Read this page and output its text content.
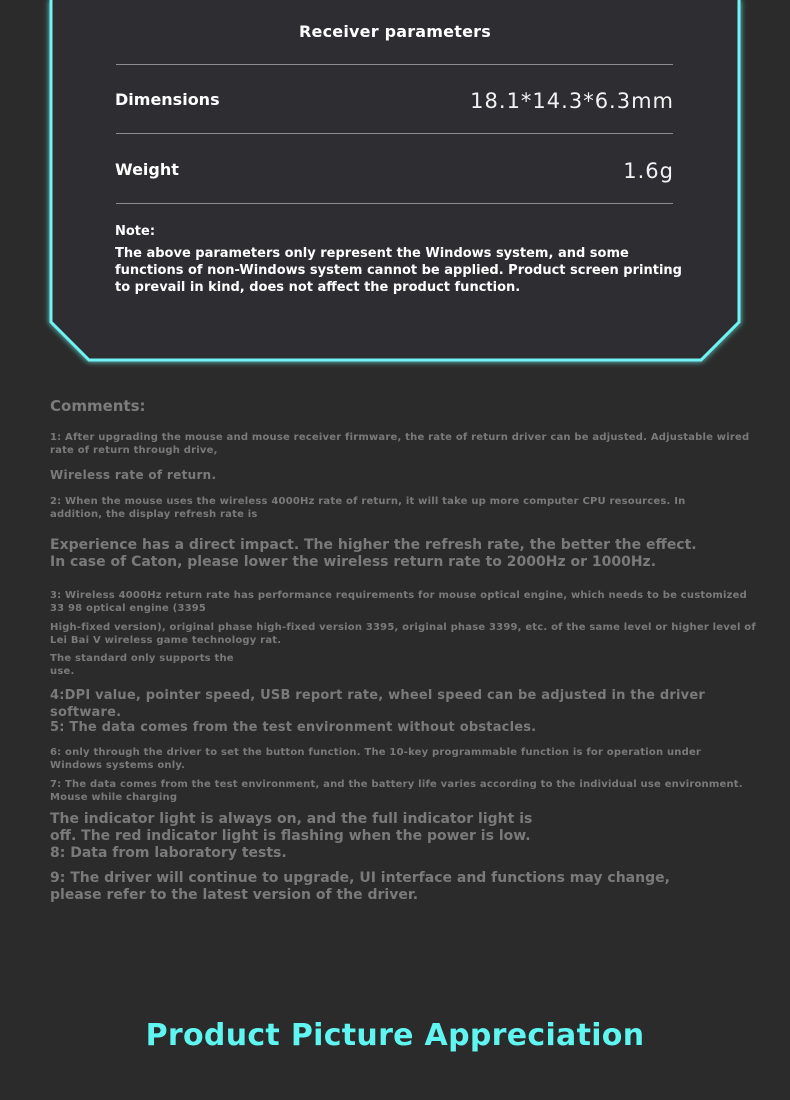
Receiver parameters
Dimensions	18.1*14.3*6.3mm
Weight	1.6g
Note:
The above parameters only represent the Windows system, and some functions of non-Windows system cannot be applied. Product screen printing to prevail in kind, does not affect the product function.
Comments:
1: After upgrading the mouse and mouse receiver firmware, the rate of return driver can be adjusted. Adjustable wired rate of return through drive,
Wireless rate of return.
2: When the mouse uses the wireless 4000Hz rate of return, it will take up more computer CPU resources. In addition, the display refresh rate is
Experience has a direct impact. The higher the refresh rate, the better the effect. In case of Caton, please lower the wireless return rate to 2000Hz or 1000Hz.
3: Wireless 4000Hz return rate has performance requirements for mouse optical engine, which needs to be customized 33 98 optical engine (3395
High-fixed version), original phase high-fixed version 3395, original phase 3399, etc. of the same level or higher level of Lei Bai V wireless game technology rat.
The standard only supports the use.
4:DPI value, pointer speed, USB report rate, wheel speed can be adjusted in the driver software.
5: The data comes from the test environment without obstacles.
6: only through the driver to set the button function. The 10-key programmable function is for operation under Windows systems only.
7: The data comes from the test environment, and the battery life varies according to the individual use environment. Mouse while charging
The indicator light is always on, and the full indicator light is off. The red indicator light is flashing when the power is low. 8: Data from laboratory tests.
9: The driver will continue to upgrade, UI interface and functions may change, please refer to the latest version of the driver.
Product Picture Appreciation
